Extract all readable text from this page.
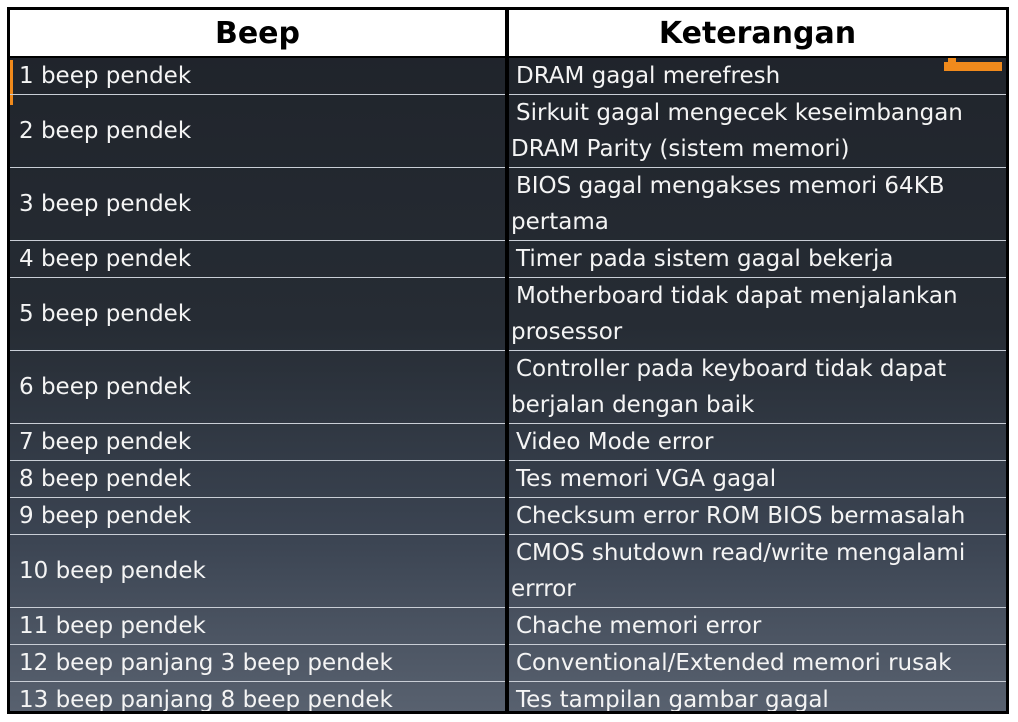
Beep	Keterangan
1 beep pendek	DRAM gagal merefresh

2 beep pendek	Sirkuit gagal mengecek keseimbangan
DRAM Parity (sistem memori)

3 beep pendek	BIOS gagal mengakses memori 64KB
pertama

4 beep pendek	Timer pada sistem gagal bekerja

5 beep pendek	Motherboard tidak dapat menjalankan
prosessor

6 beep pendek	Controller pada keyboard tidak dapat
berjalan dengan baik

7 beep pendek	Video Mode error

8 beep pendek	Tes memori VGA gagal

9 beep pendek	Checksum error ROM BIOS bermasalah

10 beep pendek	CMOS shutdown read/write mengalami
errror

11 beep pendek	Chache memori error

12 beep panjang 3 beep pendek	Conventional/Extended memori rusak

13 beep panjang 8 beep pendek	Tes tampilan gambar gagal
